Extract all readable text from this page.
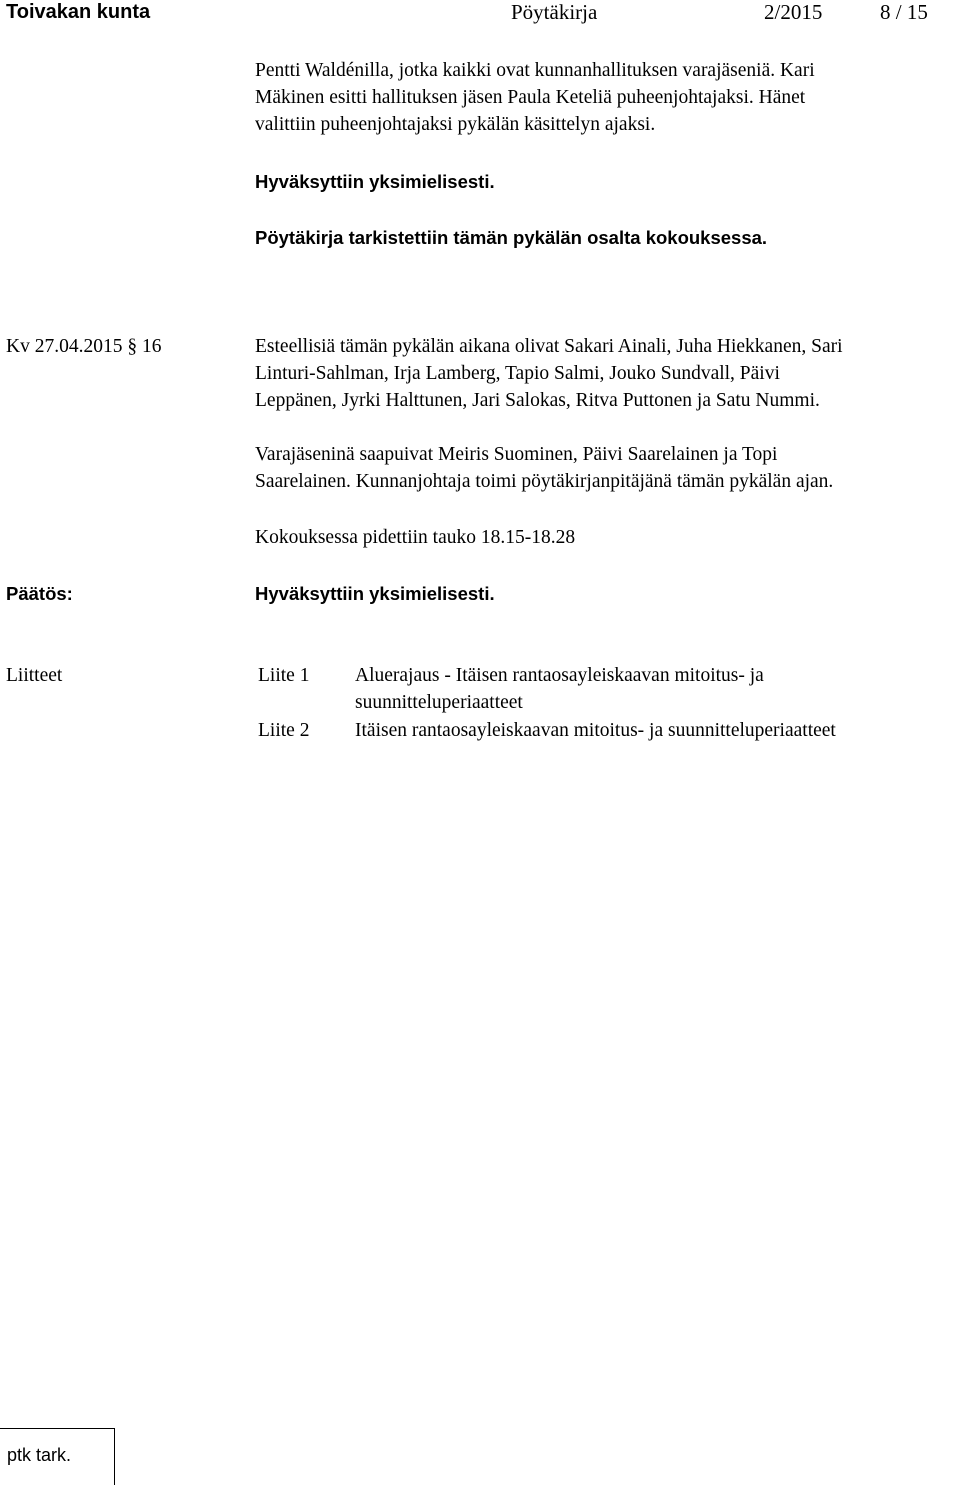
Toivakan kunta	Pöytäkirja	2/2015	8 / 15
Pentti Waldénilla, jotka kaikki ovat kunnanhallituksen varajäseniä. Kari
Mäkinen esitti hallituksen jäsen Paula Keteliä puheenjohtajaksi. Hänet
valittiin puheenjohtajaksi pykälän käsittelyn ajaksi.
Hyväksyttiin yksimielisesti.
Pöytäkirja tarkistettiin tämän pykälän osalta kokouksessa.
Kv 27.04.2015 § 16	Esteellisiä tämän pykälän aikana olivat Sakari Ainali, Juha Hiekkanen, Sari
Linturi-Sahlman, Irja Lamberg, Tapio Salmi, Jouko Sundvall, Päivi
Leppänen, Jyrki Halttunen, Jari Salokas, Ritva Puttonen ja Satu Nummi.
Varajäseninä saapuivat Meiris Suominen, Päivi Saarelainen ja Topi
Saarelainen. Kunnanjohtaja toimi pöytäkirjanpitäjänä tämän pykälän ajan.
Kokouksessa pidettiin tauko 18.15-18.28
Päätös:	Hyväksyttiin yksimielisesti.
Liitteet	Liite 1 Aluerajaus - Itäisen rantaosayleiskaavan mitoitus- ja
suunnitteluperiaatteet
Liite 2 Itäisen rantaosayleiskaavan mitoitus- ja suunnitteluperiaatteet
ptk tark.
